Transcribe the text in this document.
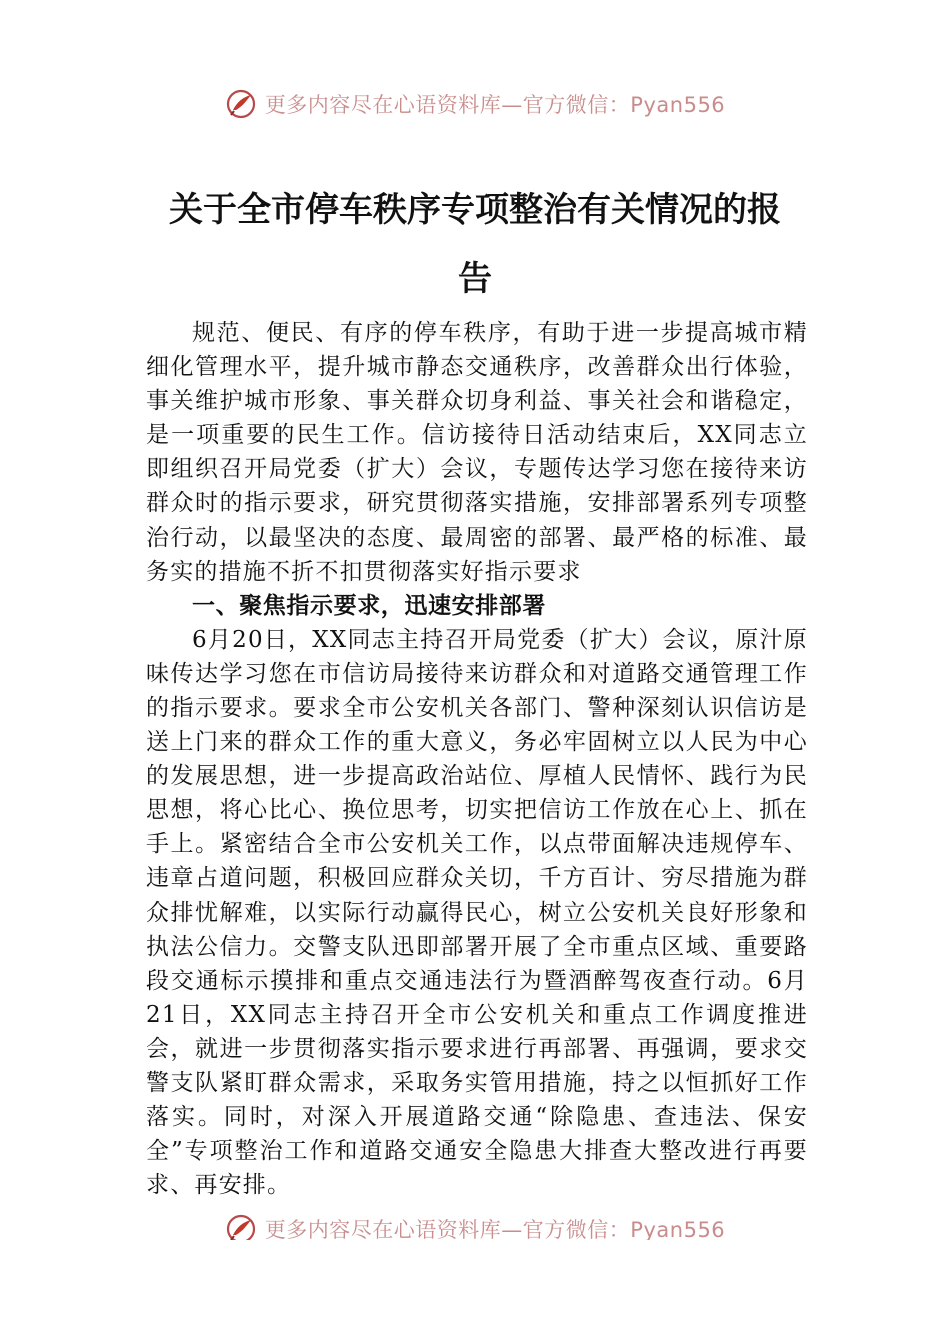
更多内容尽在心语资料库—官方微信：Pyan556
关于全市停车秩序专项整治有关情况的报
告

规范、便民、有序的停车秩序，有助于进一步提高城市精细化管理水平，提升城市静态交通秩序，改善群众出行体验，事关维护城市形象、事关群众切身利益、事关社会和谐稳定，是一项重要的民生工作。信访接待日活动结束后，XX同志立即组织召开局党委（扩大）会议，专题传达学习您在接待来访群众时的指示要求，研究贯彻落实措施，安排部署系列专项整治行动，以最坚决的态度、最周密的部署、最严格的标准、最务实的措施不折不扣贯彻落实好指示要求

一、聚焦指示要求，迅速安排部署

6月20日，XX同志主持召开局党委（扩大）会议，原汁原味传达学习您在市信访局接待来访群众和对道路交通管理工作的指示要求。要求全市公安机关各部门、警种深刻认识信访是送上门来的群众工作的重大意义，务必牢固树立以人民为中心的发展思想，进一步提高政治站位、厚植人民情怀、践行为民思想，将心比心、换位思考，切实把信访工作放在心上、抓在手上。紧密结合全市公安机关工作，以点带面解决违规停车、违章占道问题，积极回应群众关切，千方百计、穷尽措施为群众排忧解难，以实际行动赢得民心，树立公安机关良好形象和执法公信力。交警支队迅即部署开展了全市重点区域、重要路段交通标示摸排和重点交通违法行为暨酒醉驾夜查行动。6月21日，XX同志主持召开全市公安机关和重点工作调度推进会，就进一步贯彻落实指示要求进行再部署、再强调，要求交警支队紧盯群众需求，采取务实管用措施，持之以恒抓好工作落实。同时，对深入开展道路交通“除隐患、查违法、保安全”专项整治工作和道路交通安全隐患大排查大整改进行再要求、再安排。

更多内容尽在心语资料库—官方微信：Pyan556
